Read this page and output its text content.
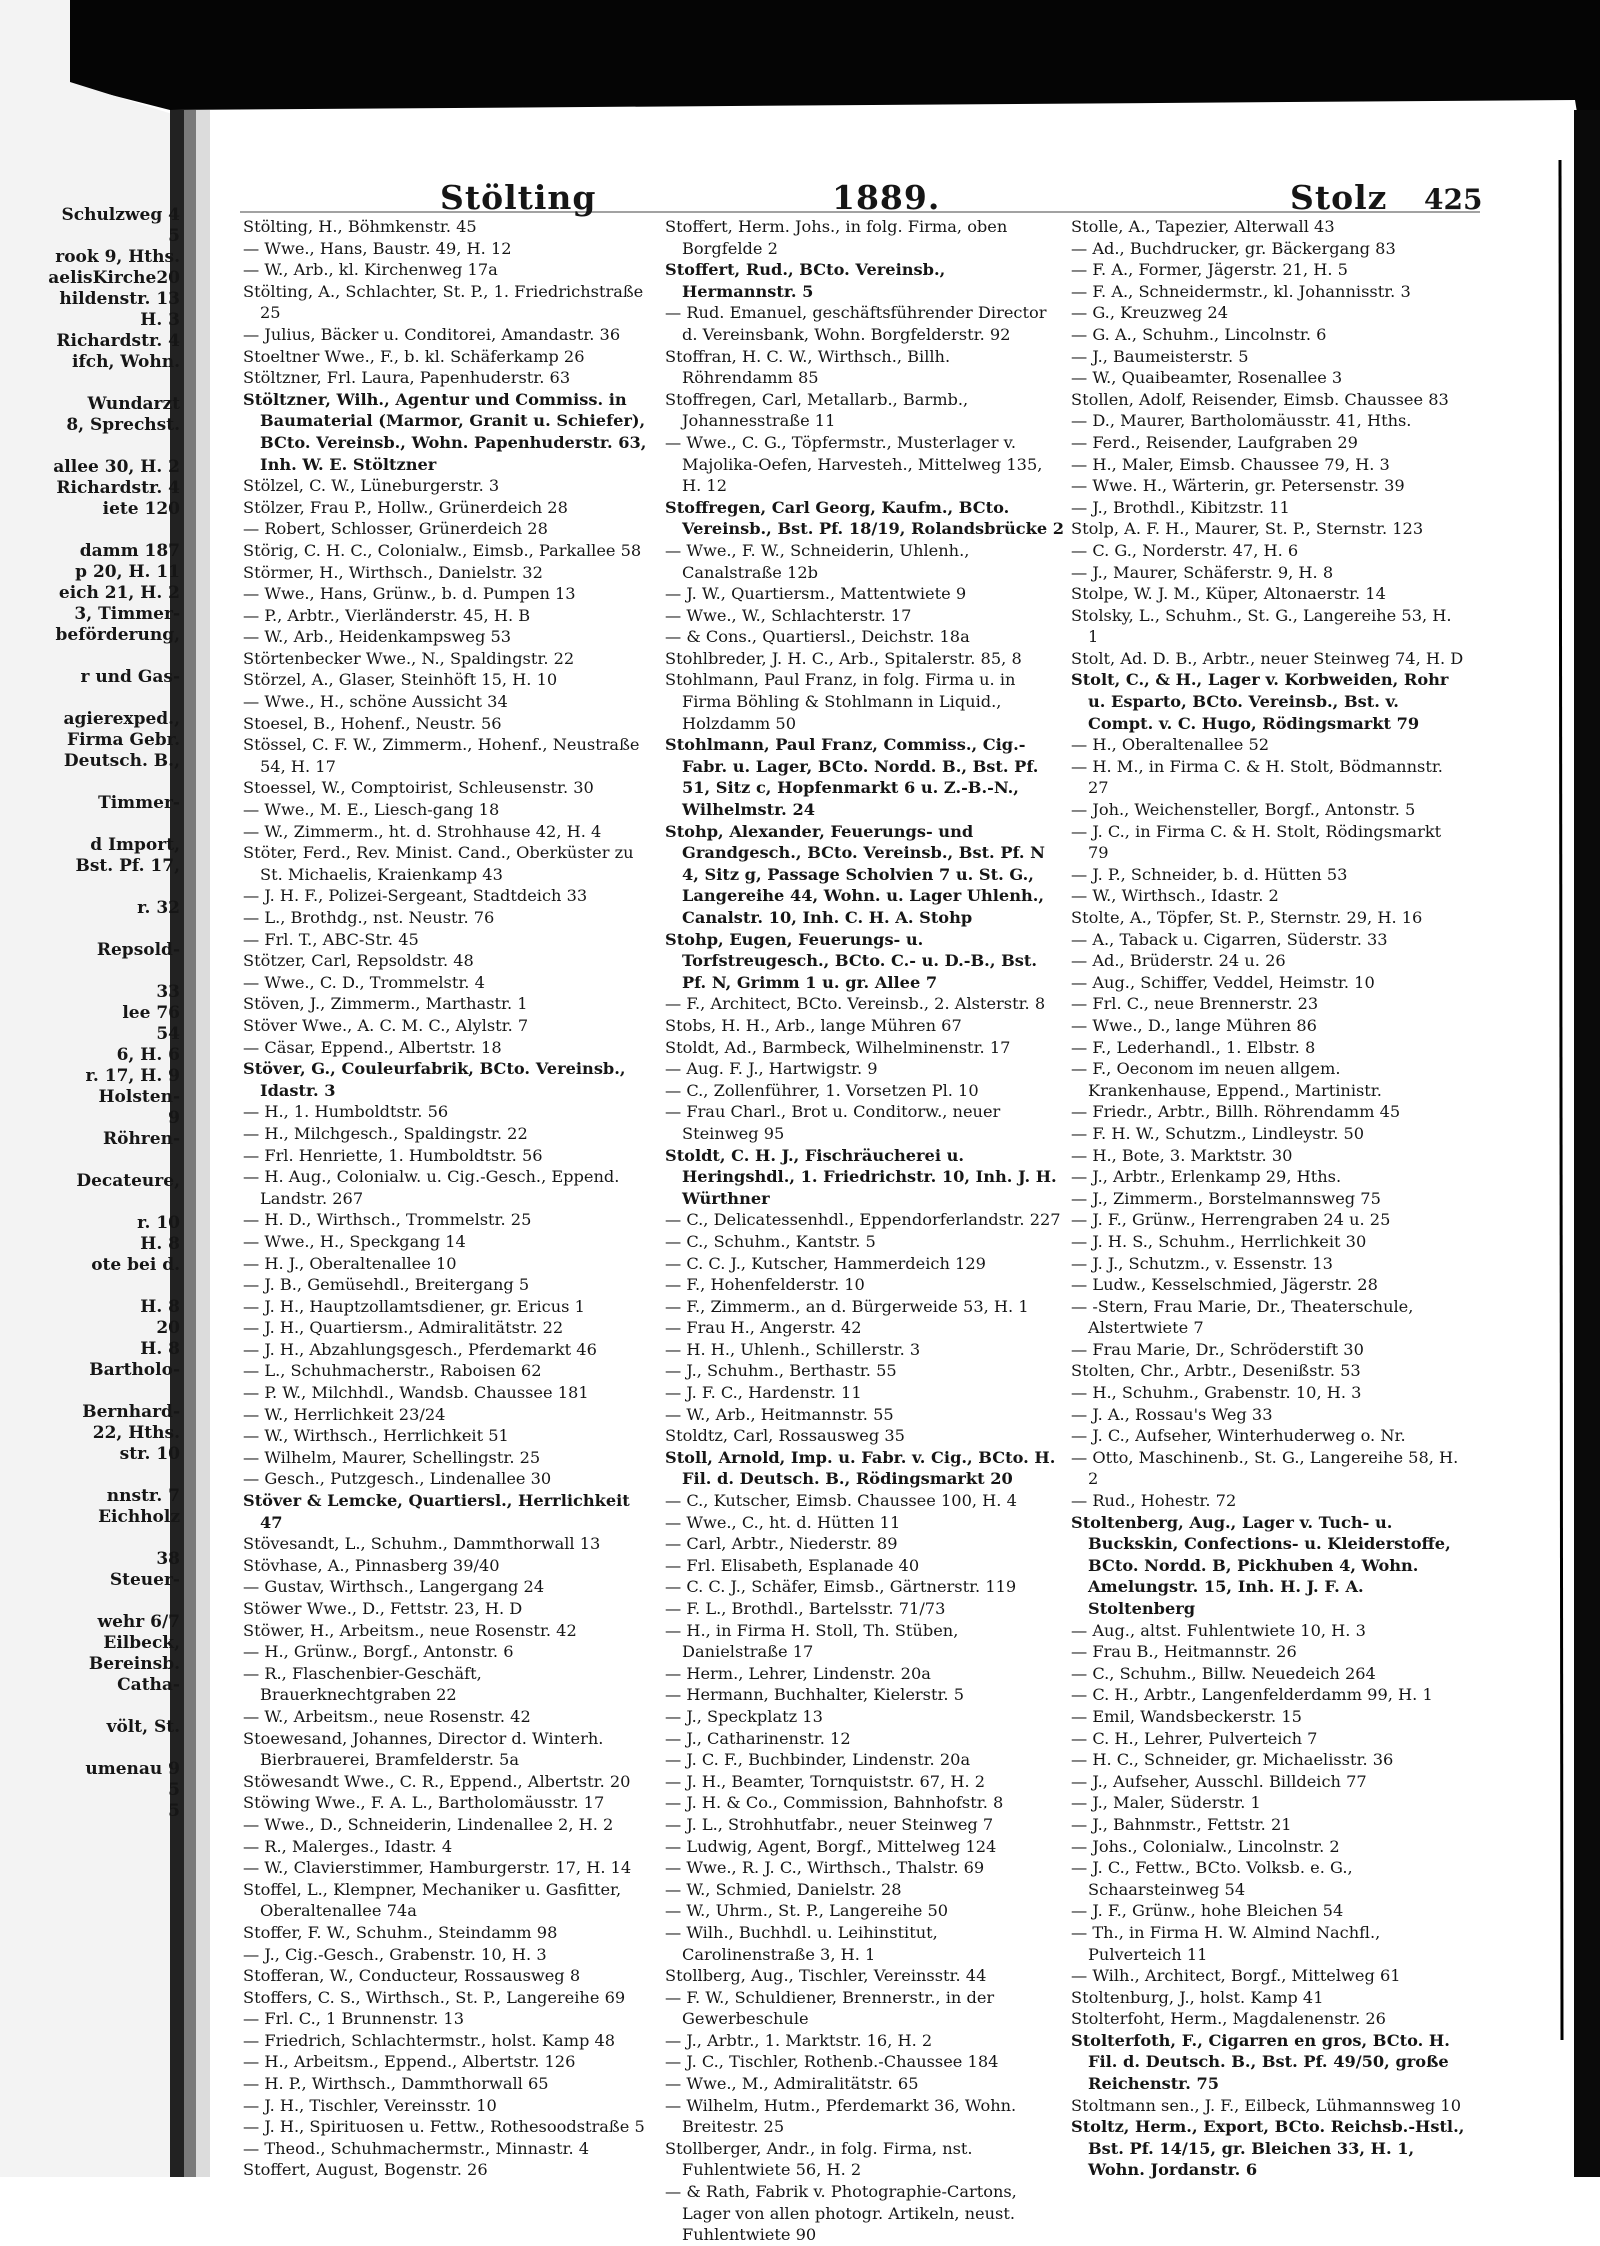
Schulzweg 4
5
rook 9, Hths.
aelisKirche20
hildenstr. 13
H. 3
Richardstr. 4
ifch, Wohn.
Wundarzt
8, Sprechst.
allee 30, H. 2
Richardstr. 4
iete 120
damm 187
p 20, H. 11
eich 21, H. 2
3, Timmer-
beförderung,
r und Gas-
agierexped.,
Firma Gebr.
Deutsch. B.,
Timmer-
d Import,
Bst. Pf. 17,
r. 32
Repsold-
33
lee 76
54
6, H. 6
r. 17, H. 9
Holsten-
9
Röhren-
Decateure,
r. 10
H. 8
ote bei d.
H. 8
20
H. 8
Bartholo-
Bernhard-
22, Hths.
str. 10
nnstr. 7
Eichholz
38
Steuer-
wehr 6/7
Eilbeck,
Bereinsb.
Catha-
völt, St.
umenau 9
5
5
Stölting	1889.	Stolz 425
Stölting, H., Böhmkenstr. 45
— Wwe., Hans, Baustr. 49, H. 12
— W., Arb., kl. Kirchenweg 17a
Stölting, A., Schlachter, St. P., 1. Friedrichstraße 25
— Julius, Bäcker u. Conditorei, Amandastr. 36
Stoeltner Wwe., F., b. kl. Schäferkamp 26
Stöltzner, Frl. Laura, Papenhuderstr. 63
Stöltzner, Wilh., Agentur und Commiss. in Baumaterial (Marmor, Granit u. Schiefer), BCto. Vereinsb., Wohn. Papenhuderstr. 63, Inh. W. E. Stöltzner
Stölzel, C. W., Lüneburgerstr. 3
Stölzer, Frau P., Hollw., Grünerdeich 28
— Robert, Schlosser, Grünerdeich 28
Störig, C. H. C., Colonialw., Eimsb., Parkallee 58
Störmer, H., Wirthsch., Danielstr. 32
— Wwe., Hans, Grünw., b. d. Pumpen 13
— P., Arbtr., Vierländerstr. 45, H. B
— W., Arb., Heidenkampsweg 53
Störtenbecker Wwe., N., Spaldingstr. 22
Störzel, A., Glaser, Steinhöft 15, H. 10
— Wwe., H., schöne Aussicht 34
Stoesel, B., Hohenf., Neustr. 56
Stössel, C. F. W., Zimmerm., Hohenf., Neustraße 54, H. 17
Stoessel, W., Comptoirist, Schleusenstr. 30
— Wwe., M. E., Liesch-gang 18
— W., Zimmerm., ht. d. Strohhause 42, H. 4
Stöter, Ferd., Rev. Minist. Cand., Oberküster zu St. Michaelis, Kraienkamp 43
— J. H. F., Polizei-Sergeant, Stadtdeich 33
— L., Brothdg., nst. Neustr. 76
— Frl. T., ABC-Str. 45
Stötzer, Carl, Repsoldstr. 48
— Wwe., C. D., Trommelstr. 4
Stöven, J., Zimmerm., Marthastr. 1
Stöver Wwe., A. C. M. C., Alylstr. 7
— Cäsar, Eppend., Albertstr. 18
Stöver, G., Couleurfabrik, BCto. Vereinsb., Idastr. 3
— H., 1. Humboldtstr. 56
— H., Milchgesch., Spaldingstr. 22
— Frl. Henriette, 1. Humboldtstr. 56
— H. Aug., Colonialw. u. Cig.-Gesch., Eppend. Landstr. 267
— H. D., Wirthsch., Trommelstr. 25
— Wwe., H., Speckgang 14
— H. J., Oberaltenallee 10
— J. B., Gemüsehdl., Breitergang 5
— J. H., Hauptzollamtsdiener, gr. Ericus 1
— J. H., Quartiersm., Admiralitätstr. 22
— J. H., Abzahlungsgesch., Pferdemarkt 46
— L., Schuhmacherstr., Raboisen 62
— P. W., Milchhdl., Wandsb. Chaussee 181
— W., Herrlichkeit 23/24
— W., Wirthsch., Herrlichkeit 51
— Wilhelm, Maurer, Schellingstr. 25
— Gesch., Putzgesch., Lindenallee 30
Stöver & Lemcke, Quartiersl., Herrlichkeit 47
Stövesandt, L., Schuhm., Dammthorwall 13
Stövhase, A., Pinnasberg 39/40
— Gustav, Wirthsch., Langergang 24
Stöwer Wwe., D., Fettstr. 23, H. D
Stöwer, H., Arbeitsm., neue Rosenstr. 42
— H., Grünw., Borgf., Antonstr. 6
— R., Flaschenbier-Geschäft, Brauerknechtgraben 22
— W., Arbeitsm., neue Rosenstr. 42
Stoewesand, Johannes, Director d. Winterh. Bierbrauerei, Bramfelderstr. 5a
Stöwesandt Wwe., C. R., Eppend., Albertstr. 20
Stöwing Wwe., F. A. L., Bartholomäusstr. 17
— Wwe., D., Schneiderin, Lindenallee 2, H. 2
— R., Malerges., Idastr. 4
— W., Clavierstimmer, Hamburgerstr. 17, H. 14
Stoffel, L., Klempner, Mechaniker u. Gasfitter, Oberaltenallee 74a
Stoffer, F. W., Schuhm., Steindamm 98
— J., Cig.-Gesch., Grabenstr. 10, H. 3
Stofferan, W., Conducteur, Rossausweg 8
Stoffers, C. S., Wirthsch., St. P., Langereihe 69
— Frl. C., 1 Brunnenstr. 13
— Friedrich, Schlachtermstr., holst. Kamp 48
— H., Arbeitsm., Eppend., Albertstr. 126
— H. P., Wirthsch., Dammthorwall 65
— J. H., Tischler, Vereinsstr. 10
— J. H., Spirituosen u. Fettw., Rothesoodstraße 5
— Theod., Schuhmachermstr., Minnastr. 4
Stoffert, August, Bogenstr. 26
Stoffert, Herm. Johs., in folg. Firma, oben Borgfelde 2
Stoffert, Rud., BCto. Vereinsb., Hermannstr. 5
— Rud. Emanuel, geschäftsführender Director d. Vereinsbank, Wohn. Borgfelderstr. 92
Stoffran, H. C. W., Wirthsch., Billh. Röhrendamm 85
Stoffregen, Carl, Metallarb., Barmb., Johannesstraße 11
— Wwe., C. G., Töpfermstr., Musterlager v. Majolika-Oefen, Harvesteh., Mittelweg 135, H. 12
Stoffregen, Carl Georg, Kaufm., BCto. Vereinsb., Bst. Pf. 18/19, Rolandsbrücke 2
— Wwe., F. W., Schneiderin, Uhlenh., Canalstraße 12b
— J. W., Quartiersm., Mattentwiete 9
— Wwe., W., Schlachterstr. 17
— & Cons., Quartiersl., Deichstr. 18a
Stohlbreder, J. H. C., Arb., Spitalerstr. 85, 8
Stohlmann, Paul Franz, in folg. Firma u. in Firma Böhling & Stohlmann in Liquid., Holzdamm 50
Stohlmann, Paul Franz, Commiss., Cig.-Fabr. u. Lager, BCto. Nordd. B., Bst. Pf. 51, Sitz c, Hopfenmarkt 6 u. Z.-B.-N., Wilhelmstr. 24
Stohp, Alexander, Feuerungs- und Grandgesch., BCto. Vereinsb., Bst. Pf. N 4, Sitz g, Passage Scholvien 7 u. St. G., Langereihe 44, Wohn. u. Lager Uhlenh., Canalstr. 10, Inh. C. H. A. Stohp
Stohp, Eugen, Feuerungs- u. Torfstreugesch., BCto. C.- u. D.-B., Bst. Pf. N, Grimm 1 u. gr. Allee 7
— F., Architect, BCto. Vereinsb., 2. Alsterstr. 8
Stobs, H. H., Arb., lange Mühren 67
Stoldt, Ad., Barmbeck, Wilhelminenstr. 17
— Aug. F. J., Hartwigstr. 9
— C., Zollenführer, 1. Vorsetzen Pl. 10
— Frau Charl., Brot u. Conditorw., neuer Steinweg 95
Stoldt, C. H. J., Fischräucherei u. Heringshdl., 1. Friedrichstr. 10, Inh. J. H. Würthner
— C., Delicatessenhdl., Eppendorferlandstr. 227
— C., Schuhm., Kantstr. 5
— C. C. J., Kutscher, Hammerdeich 129
— F., Hohenfelderstr. 10
— F., Zimmerm., an d. Bürgerweide 53, H. 1
— Frau H., Angerstr. 42
— H. H., Uhlenh., Schillerstr. 3
— J., Schuhm., Berthastr. 55
— J. F. C., Hardenstr. 11
— W., Arb., Heitmannstr. 55
Stoldtz, Carl, Rossausweg 35
Stoll, Arnold, Imp. u. Fabr. v. Cig., BCto. H. Fil. d. Deutsch. B., Rödingsmarkt 20
— C., Kutscher, Eimsb. Chaussee 100, H. 4
— Wwe., C., ht. d. Hütten 11
— Carl, Arbtr., Niederstr. 89
— Frl. Elisabeth, Esplanade 40
— C. C. J., Schäfer, Eimsb., Gärtnerstr. 119
— F. L., Brothdl., Bartelsstr. 71/73
— H., in Firma H. Stoll, Th. Stüben, Danielstraße 17
— Herm., Lehrer, Lindenstr. 20a
— Hermann, Buchhalter, Kielerstr. 5
— J., Speckplatz 13
— J., Catharinenstr. 12
— J. C. F., Buchbinder, Lindenstr. 20a
— J. H., Beamter, Tornquiststr. 67, H. 2
— J. H. & Co., Commission, Bahnhofstr. 8
— J. L., Strohhutfabr., neuer Steinweg 7
— Ludwig, Agent, Borgf., Mittelweg 124
— Wwe., R. J. C., Wirthsch., Thalstr. 69
— W., Schmied, Danielstr. 28
— W., Uhrm., St. P., Langereihe 50
— Wilh., Buchhdl. u. Leihinstitut, Carolinenstraße 3, H. 1
Stollberg, Aug., Tischler, Vereinsstr. 44
— F. W., Schuldiener, Brennerstr., in der Gewerbeschule
— J., Arbtr., 1. Marktstr. 16, H. 2
— J. C., Tischler, Rothenb.-Chaussee 184
— Wwe., M., Admiralitätstr. 65
— Wilhelm, Hutm., Pferdemarkt 36, Wohn. Breitestr. 25
Stollberger, Andr., in folg. Firma, nst. Fuhlentwiete 56, H. 2
— & Rath, Fabrik v. Photographie-Cartons, Lager von allen photogr. Artikeln, neust. Fuhlentwiete 90
Stolle, A., Tapezier, Alterwall 43
— Ad., Buchdrucker, gr. Bäckergang 83
— F. A., Former, Jägerstr. 21, H. 5
— F. A., Schneidermstr., kl. Johannisstr. 3
— G., Kreuzweg 24
— G. A., Schuhm., Lincolnstr. 6
— J., Baumeisterstr. 5
— W., Quaibeamter, Rosenallee 3
Stollen, Adolf, Reisender, Eimsb. Chaussee 83
— D., Maurer, Bartholomäusstr. 41, Hths.
— Ferd., Reisender, Laufgraben 29
— H., Maler, Eimsb. Chaussee 79, H. 3
— Wwe. H., Wärterin, gr. Petersenstr. 39
— J., Brothdl., Kibitzstr. 11
Stolp, A. F. H., Maurer, St. P., Sternstr. 123
— C. G., Norderstr. 47, H. 6
— J., Maurer, Schäferstr. 9, H. 8
Stolpe, W. J. M., Küper, Altonaerstr. 14
Stolsky, L., Schuhm., St. G., Langereihe 53, H. 1
Stolt, Ad. D. B., Arbtr., neuer Steinweg 74, H. D
Stolt, C., & H., Lager v. Korbweiden, Rohr u. Esparto, BCto. Vereinsb., Bst. v. Compt. v. C. Hugo, Rödingsmarkt 79
— H., Oberaltenallee 52
— H. M., in Firma C. & H. Stolt, Bödmannstr. 27
— Joh., Weichensteller, Borgf., Antonstr. 5
— J. C., in Firma C. & H. Stolt, Rödingsmarkt 79
— J. P., Schneider, b. d. Hütten 53
— W., Wirthsch., Idastr. 2
Stolte, A., Töpfer, St. P., Sternstr. 29, H. 16
— A., Taback u. Cigarren, Süderstr. 33
— Ad., Brüderstr. 24 u. 26
— Aug., Schiffer, Veddel, Heimstr. 10
— Frl. C., neue Brennerstr. 23
— Wwe., D., lange Mühren 86
— F., Lederhandl., 1. Elbstr. 8
— F., Oeconom im neuen allgem. Krankenhause, Eppend., Martinistr.
— Friedr., Arbtr., Billh. Röhrendamm 45
— F. H. W., Schutzm., Lindleystr. 50
— H., Bote, 3. Marktstr. 30
— J., Arbtr., Erlenkamp 29, Hths.
— J., Zimmerm., Borstelmannsweg 75
— J. F., Grünw., Herrengraben 24 u. 25
— J. H. S., Schuhm., Herrlichkeit 30
— J. J., Schutzm., v. Essenstr. 13
— Ludw., Kesselschmied, Jägerstr. 28
— -Stern, Frau Marie, Dr., Theaterschule, Alstertwiete 7
— Frau Marie, Dr., Schröderstift 30
Stolten, Chr., Arbtr., Desenißstr. 53
— H., Schuhm., Grabenstr. 10, H. 3
— J. A., Rossau's Weg 33
— J. C., Aufseher, Winterhuderweg o. Nr.
— Otto, Maschinenb., St. G., Langereihe 58, H. 2
— Rud., Hohestr. 72
Stoltenberg, Aug., Lager v. Tuch- u. Buckskin, Confections- u. Kleiderstoffe, BCto. Nordd. B, Pickhuben 4, Wohn. Amelungstr. 15, Inh. H. J. F. A. Stoltenberg
— Aug., altst. Fuhlentwiete 10, H. 3
— Frau B., Heitmannstr. 26
— C., Schuhm., Billw. Neuedeich 264
— C. H., Arbtr., Langenfelderdamm 99, H. 1
— Emil, Wandsbeckerstr. 15
— C. H., Lehrer, Pulverteich 7
— H. C., Schneider, gr. Michaelisstr. 36
— J., Aufseher, Ausschl. Billdeich 77
— J., Maler, Süderstr. 1
— J., Bahnmstr., Fettstr. 21
— Johs., Colonialw., Lincolnstr. 2
— J. C., Fettw., BCto. Volksb. e. G., Schaarsteinweg 54
— J. F., Grünw., hohe Bleichen 54
— Th., in Firma H. W. Almind Nachfl., Pulverteich 11
— Wilh., Architect, Borgf., Mittelweg 61
Stoltenburg, J., holst. Kamp 41
Stolterfoht, Herm., Magdalenenstr. 26
Stolterfoth, F., Cigarren en gros, BCto. H. Fil. d. Deutsch. B., Bst. Pf. 49/50, große Reichenstr. 75
Stoltmann sen., J. F., Eilbeck, Lühmannsweg 10
Stoltz, Herm., Export, BCto. Reichsb.-Hstl., Bst. Pf. 14/15, gr. Bleichen 33, H. 1, Wohn. Jordanstr. 6
